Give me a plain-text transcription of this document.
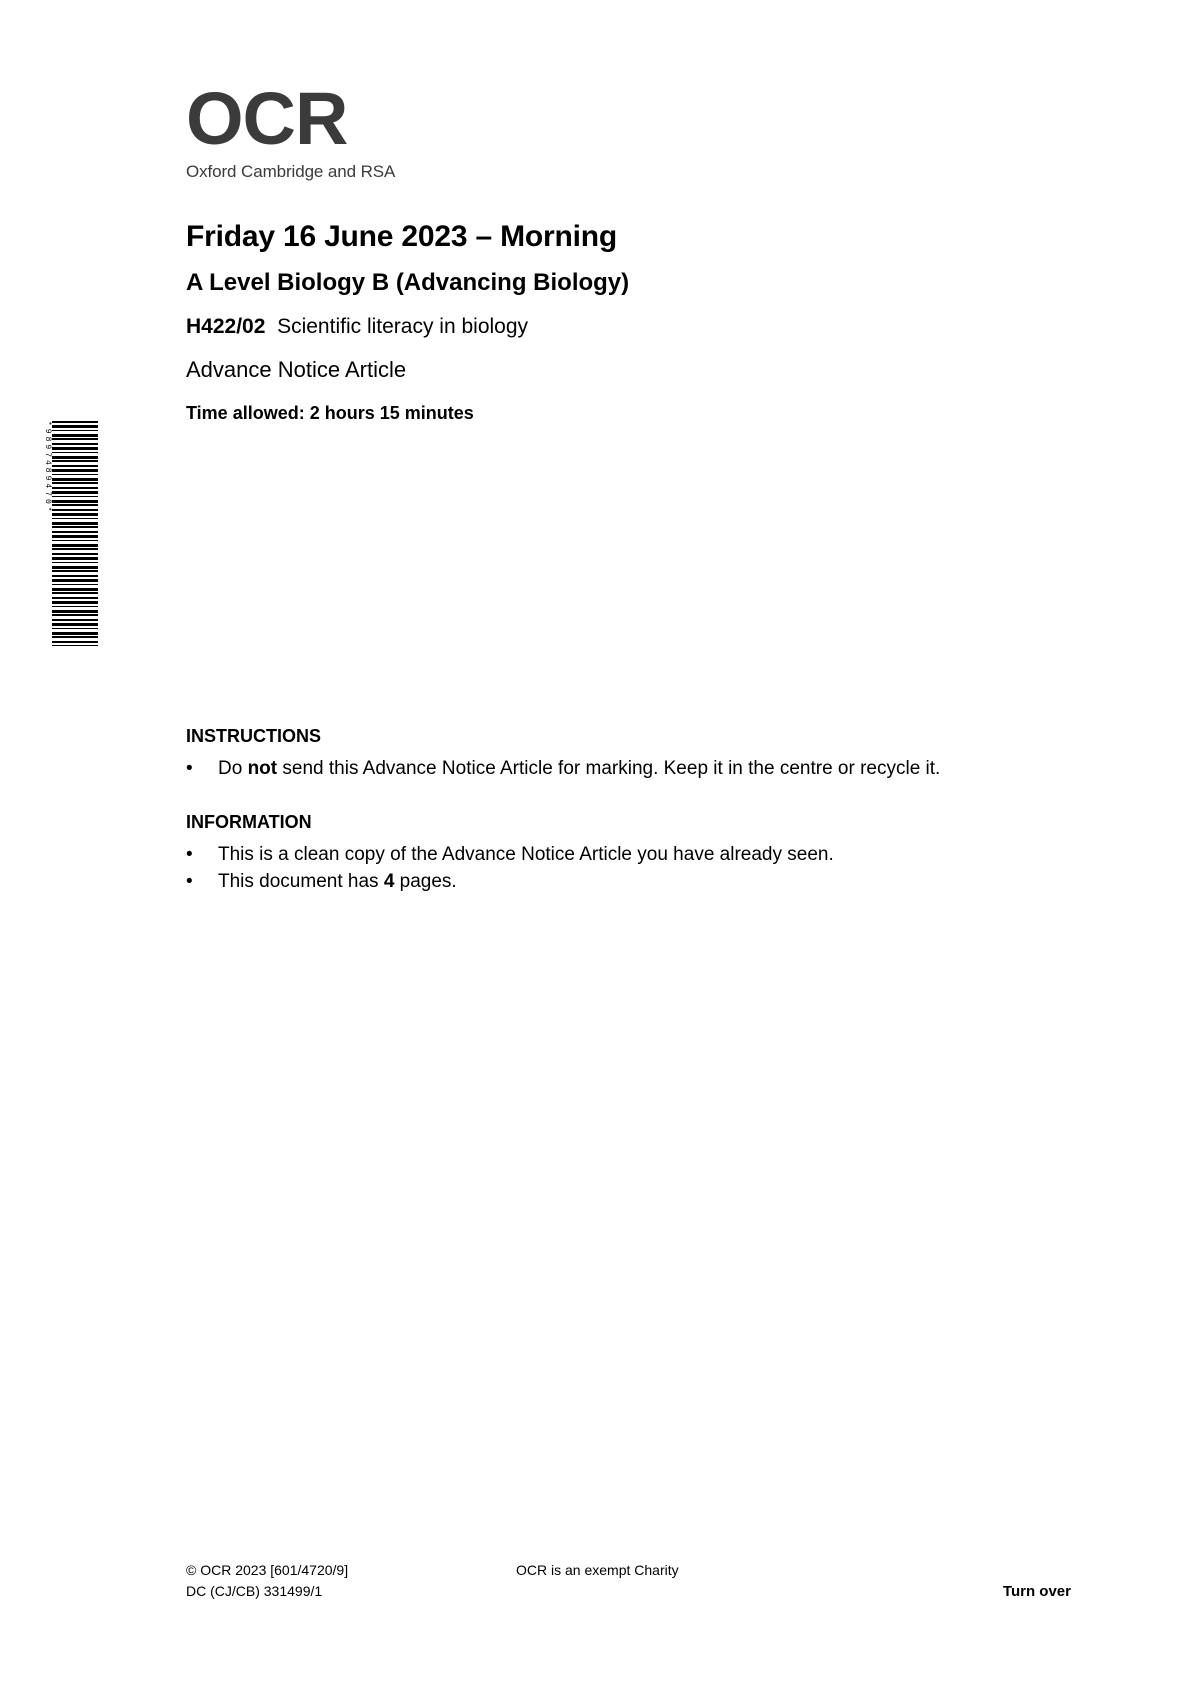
OCR
Oxford Cambridge and RSA
Friday 16 June 2023 – Morning
A Level Biology B (Advancing Biology)
H422/02 Scientific literacy in biology
Advance Notice Article
Time allowed: 2 hours 15 minutes
*9897489470*
INSTRUCTIONS
•	Do not send this Advance Notice Article for marking. Keep it in the centre or recycle it.
INFORMATION
•	This is a clean copy of the Advance Notice Article you have already seen.
•	This document has 4 pages.
© OCR 2023 [601/4720/9]
DC (CJ/CB) 331499/1
OCR is an exempt Charity
Turn over
